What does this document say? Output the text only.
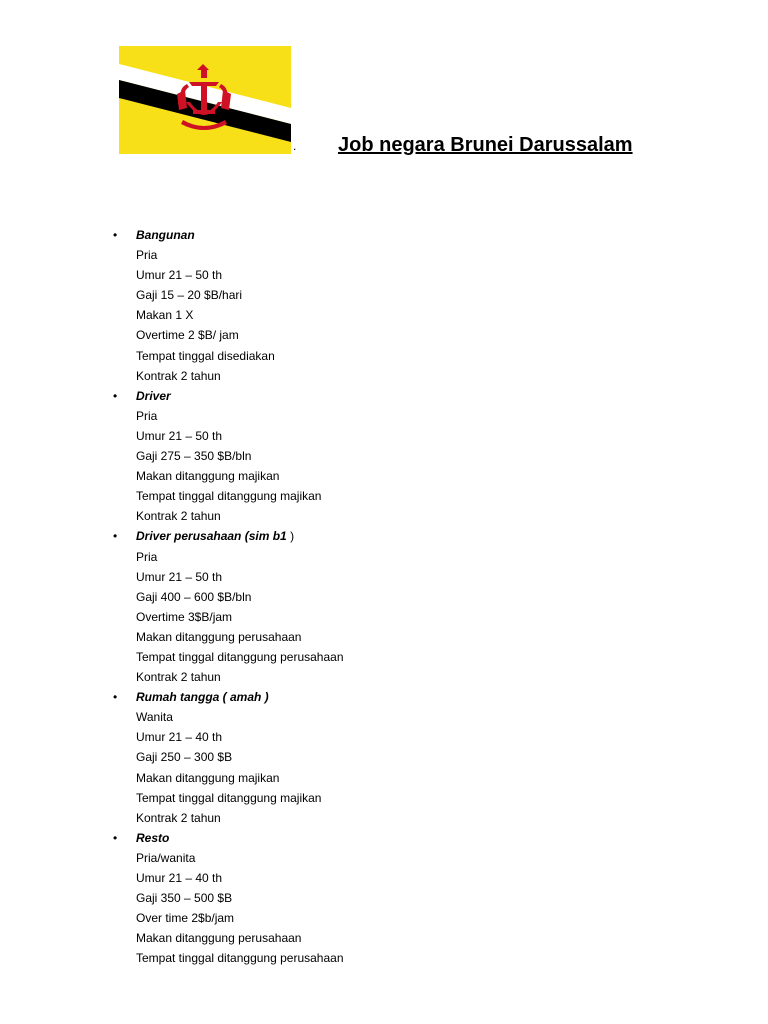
. Job negara Brunei Darussalam
•	Bangunan
Pria
Umur 21 – 50 th
Gaji 15 – 20 $B/hari
Makan 1 X
Overtime 2 $B/ jam
Tempat tinggal disediakan
Kontrak 2 tahun
•	Driver
Pria
Umur 21 – 50 th
Gaji 275 – 350 $B/bln
Makan ditanggung majikan
Tempat tinggal ditanggung majikan
Kontrak 2 tahun
•	Driver perusahaan (sim b1 )
Pria
Umur 21 – 50 th
Gaji 400 – 600 $B/bln
Overtime 3$B/jam
Makan ditanggung perusahaan
Tempat tinggal ditanggung perusahaan
Kontrak 2 tahun
•	Rumah tangga ( amah )
Wanita
Umur 21 – 40 th
Gaji 250 – 300 $B
Makan ditanggung majikan
Tempat tinggal ditanggung majikan
Kontrak 2 tahun
•	Resto
Pria/wanita
Umur 21 – 40 th
Gaji 350 – 500 $B
Over time 2$b/jam
Makan ditanggung perusahaan
Tempat tinggal ditanggung perusahaan
